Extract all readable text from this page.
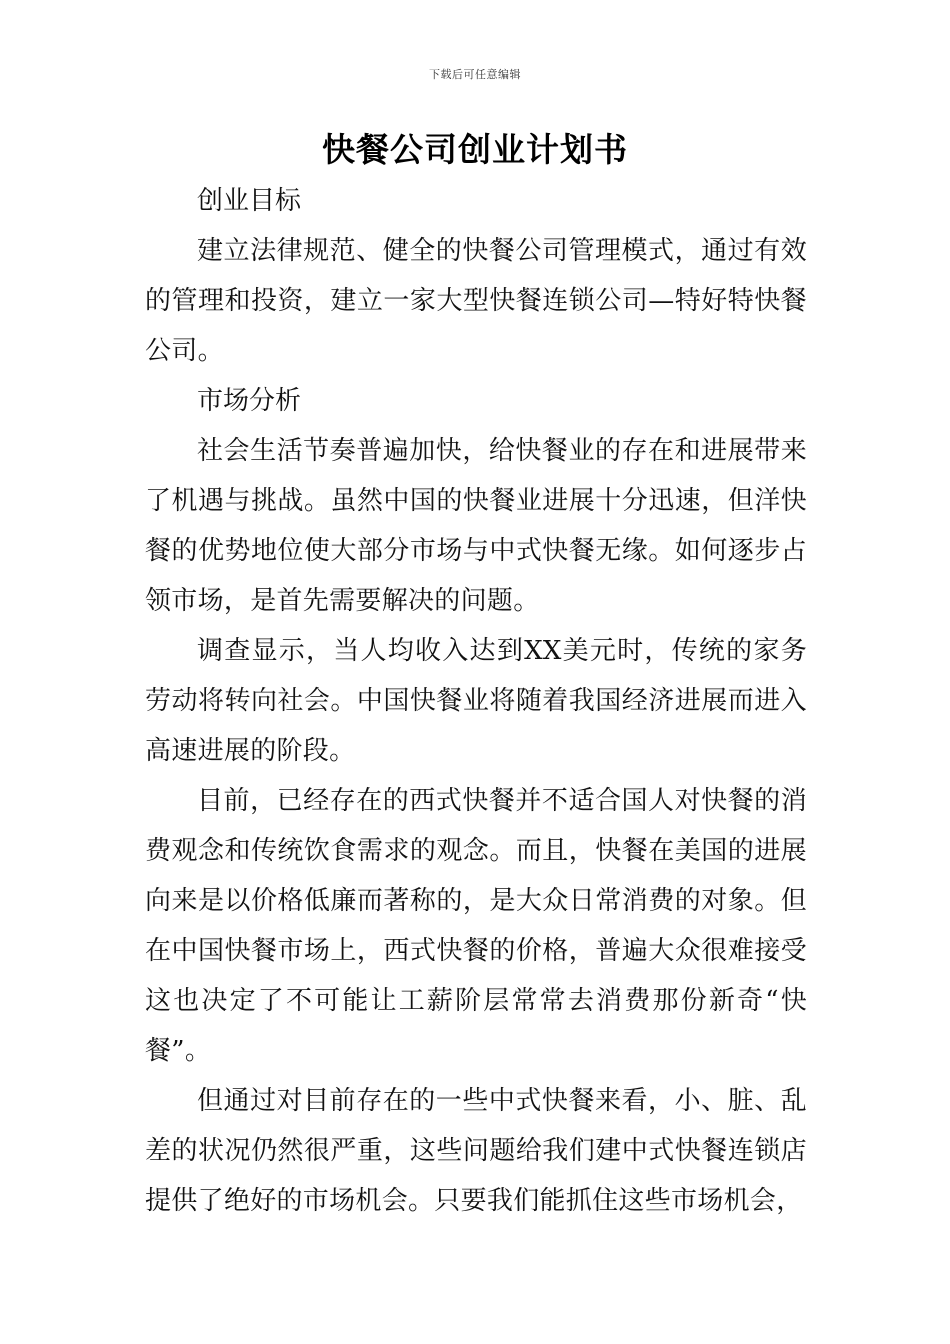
下载后可任意编辑
快餐公司创业计划书
创业目标

建立法律规范、健全的快餐公司管理模式，通过有效的管理和投资，建立一家大型快餐连锁公司—特好特快餐公司。

市场分析

社会生活节奏普遍加快，给快餐业的存在和进展带来了机遇与挑战。虽然中国的快餐业进展十分迅速，但洋快餐的优势地位使大部分市场与中式快餐无缘。如何逐步占领市场，是首先需要解决的问题。

调查显示，当人均收入达到XX美元时，传统的家务劳动将转向社会。中国快餐业将随着我国经济进展而进入高速进展的阶段。

目前，已经存在的西式快餐并不适合国人对快餐的消费观念和传统饮食需求的观念。而且，快餐在美国的进展向来是以价格低廉而著称的，是大众日常消费的对象。但在中国快餐市场上，西式快餐的价格，普遍大众很难接受这也决定了不可能让工薪阶层常常去消费那份新奇“快餐”。

但通过对目前存在的一些中式快餐来看，小、脏、乱差的状况仍然很严重，这些问题给我们建中式快餐连锁店提供了绝好的市场机会。只要我们能抓住这些市场机会，
